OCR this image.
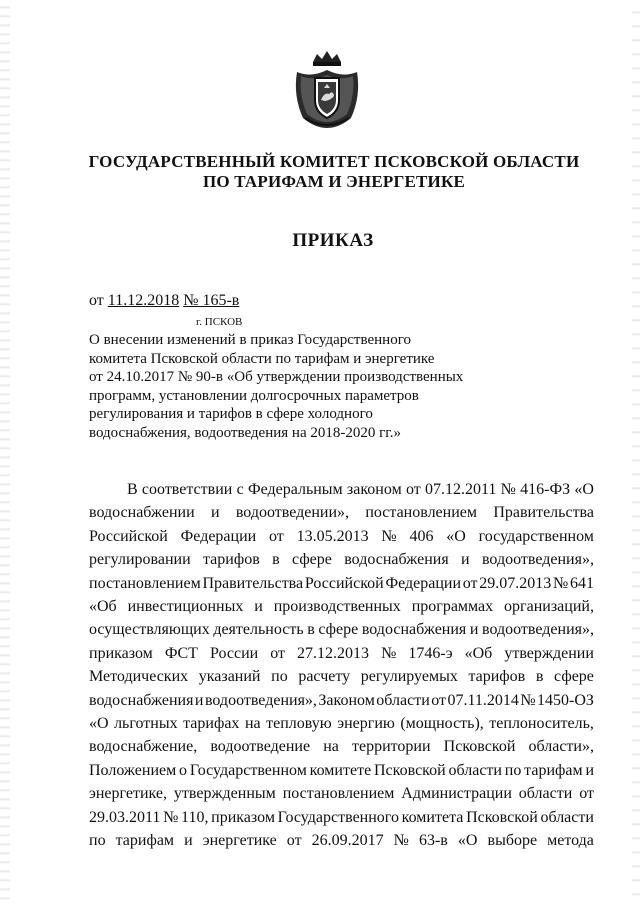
ГОСУДАРСТВЕННЫЙ КОМИТЕТ ПСКОВСКОЙ ОБЛАСТИ
ПО ТАРИФАМ И ЭНЕРГЕТИКЕ
ПРИКАЗ
от 11.12.2018 № 165-в
г. ПСКОВ
О внесении изменений в приказ Государственного
комитета Псковской области по тарифам и энергетике
от 24.10.2017 № 90-в «Об утверждении производственных
программ, установлении долгосрочных параметров
регулирования и тарифов в сфере холодного
водоснабжения, водоотведения на 2018-2020 гг.»
В соответствии с Федеральным законом от 07.12.2011 № 416-ФЗ «О
водоснабжении и водоотведении», постановлением Правительства
Российской Федерации от 13.05.2013 № 406 «О государственном
регулировании тарифов в сфере водоснабжения и водоотведения»,
постановлением Правительства Российской Федерации от 29.07.2013 № 641
«Об инвестиционных и производственных программах организаций,
осуществляющих деятельность в сфере водоснабжения и водоотведения»,
приказом ФСТ России от 27.12.2013 № 1746-э «Об утверждении
Методических указаний по расчету регулируемых тарифов в сфере
водоснабжения и водоотведения», Законом области от 07.11.2014 № 1450-ОЗ
«О льготных тарифах на тепловую энергию (мощность), теплоноситель,
водоснабжение, водоотведение на территории Псковской области»,
Положением о Государственном комитете Псковской области по тарифам и
энергетике, утвержденным постановлением Администрации области от
29.03.2011 № 110, приказом Государственного комитета Псковской области
по тарифам и энергетике от 26.09.2017 № 63-в «О выборе метода
